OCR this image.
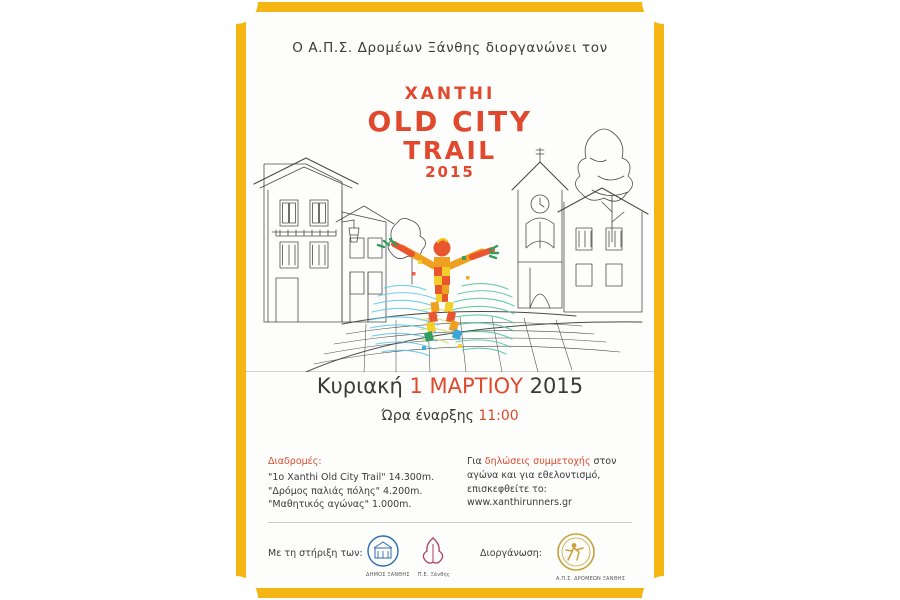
Ο Α.Π.Σ. Δρομέων Ξάνθης διοργανώνει τον
XANTHI
OLD CITY
TRAIL
2015
Κυριακή 1 ΜΑΡΤΙΟΥ 2015
Ώρα έναρξης 11:00
Διαδρομές:
"1ο Xanthi Old City Trail" 14.300m.
"Δρόμος παλιάς πόλης" 4.200m.
"Μαθητικός αγώνας" 1.000m.
Για δηλώσεις συμμετοχής στον
αγώνα και για εθελοντισμό,
επισκεφθείτε το:
www.xanthirunners.gr
Με τη στήριξη των:
ΔΗΜΟΣ ΞΑΝΘΗΣ Π.Ε. Ξάνθης
Διοργάνωση:
Α.Π.Σ. ΔΡΟΜΕΩΝ ΞΑΝΘΗΣ
